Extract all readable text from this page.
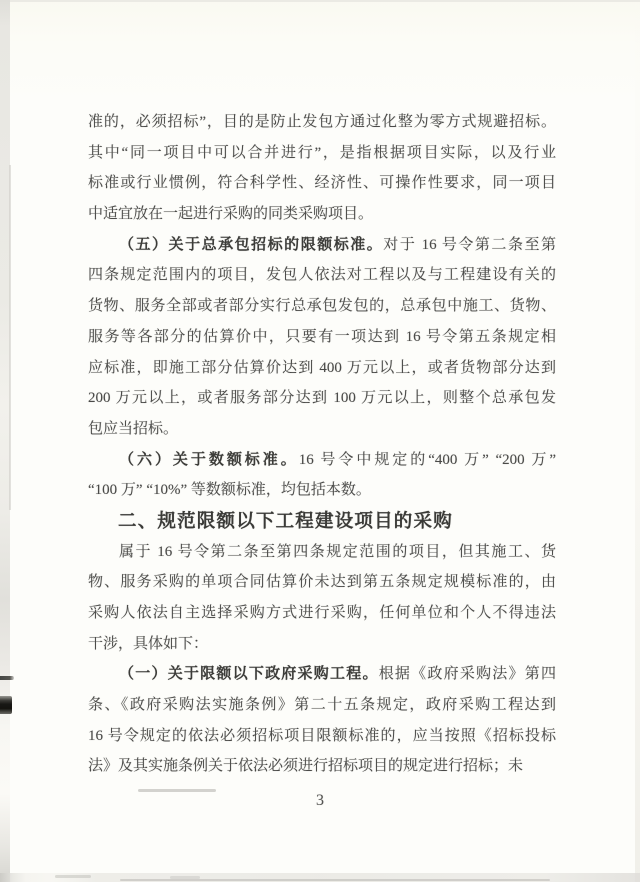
准的，必须招标”，目的是防止发包方通过化整为零方式规避招标。
其中“同一项目中可以合并进行”，是指根据项目实际，以及行业
标准或行业惯例，符合科学性、经济性、可操作性要求，同一项目
中适宜放在一起进行采购的同类采购项目。
（五）关于总承包招标的限额标准。对于 16 号令第二条至第
四条规定范围内的项目，发包人依法对工程以及与工程建设有关的
货物、服务全部或者部分实行总承包发包的，总承包中施工、货物、
服务等各部分的估算价中，只要有一项达到 16 号令第五条规定相
应标准，即施工部分估算价达到 400 万元以上，或者货物部分达到
200 万元以上，或者服务部分达到 100 万元以上，则整个总承包发
包应当招标。
（六）关于数额标准。16 号令中规定的“400 万” “200 万”
“100 万” “10%” 等数额标准，均包括本数。
二、规范限额以下工程建设项目的采购
属于 16 号令第二条至第四条规定范围的项目，但其施工、货
物、服务采购的单项合同估算价未达到第五条规定规模标准的，由
采购人依法自主选择采购方式进行采购，任何单位和个人不得违法
干涉，具体如下：
（一）关于限额以下政府采购工程。根据《政府采购法》第四
条、《政府采购法实施条例》第二十五条规定，政府采购工程达到
16 号令规定的依法必须招标项目限额标准的，应当按照《招标投标
法》及其实施条例关于依法必须进行招标项目的规定进行招标；未
3
